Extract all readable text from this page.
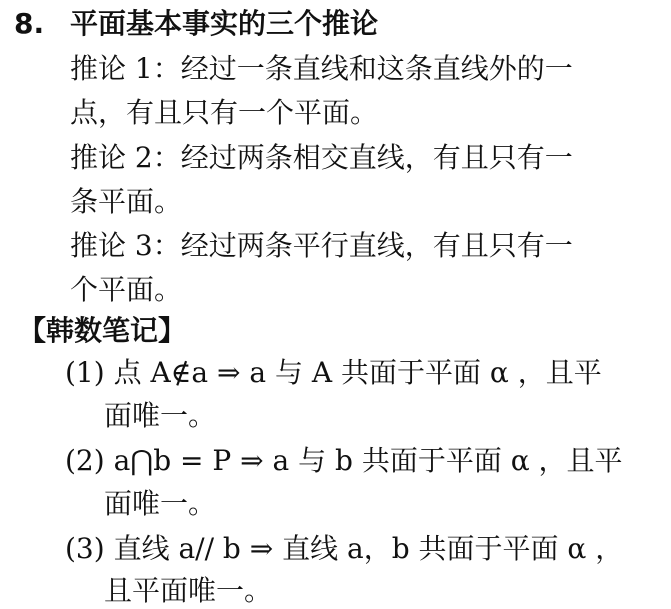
8. 平面基本事实的三个推论
推论 1：经过一条直线和这条直线外的一
点，有且只有一个平面。
推论 2：经过两条相交直线，有且只有一
条平面。
推论 3：经过两条平行直线，有且只有一
个平面。
【韩数笔记】
(1) 点 A∉a ⇒ a 与 A 共面于平面 α ，且平
面唯一。
(2) a⋂b = P ⇒ a 与 b 共面于平面 α ，且平
面唯一。
(3) 直线 a// b ⇒ 直线 a，b 共面于平面 α ，
且平面唯一。
